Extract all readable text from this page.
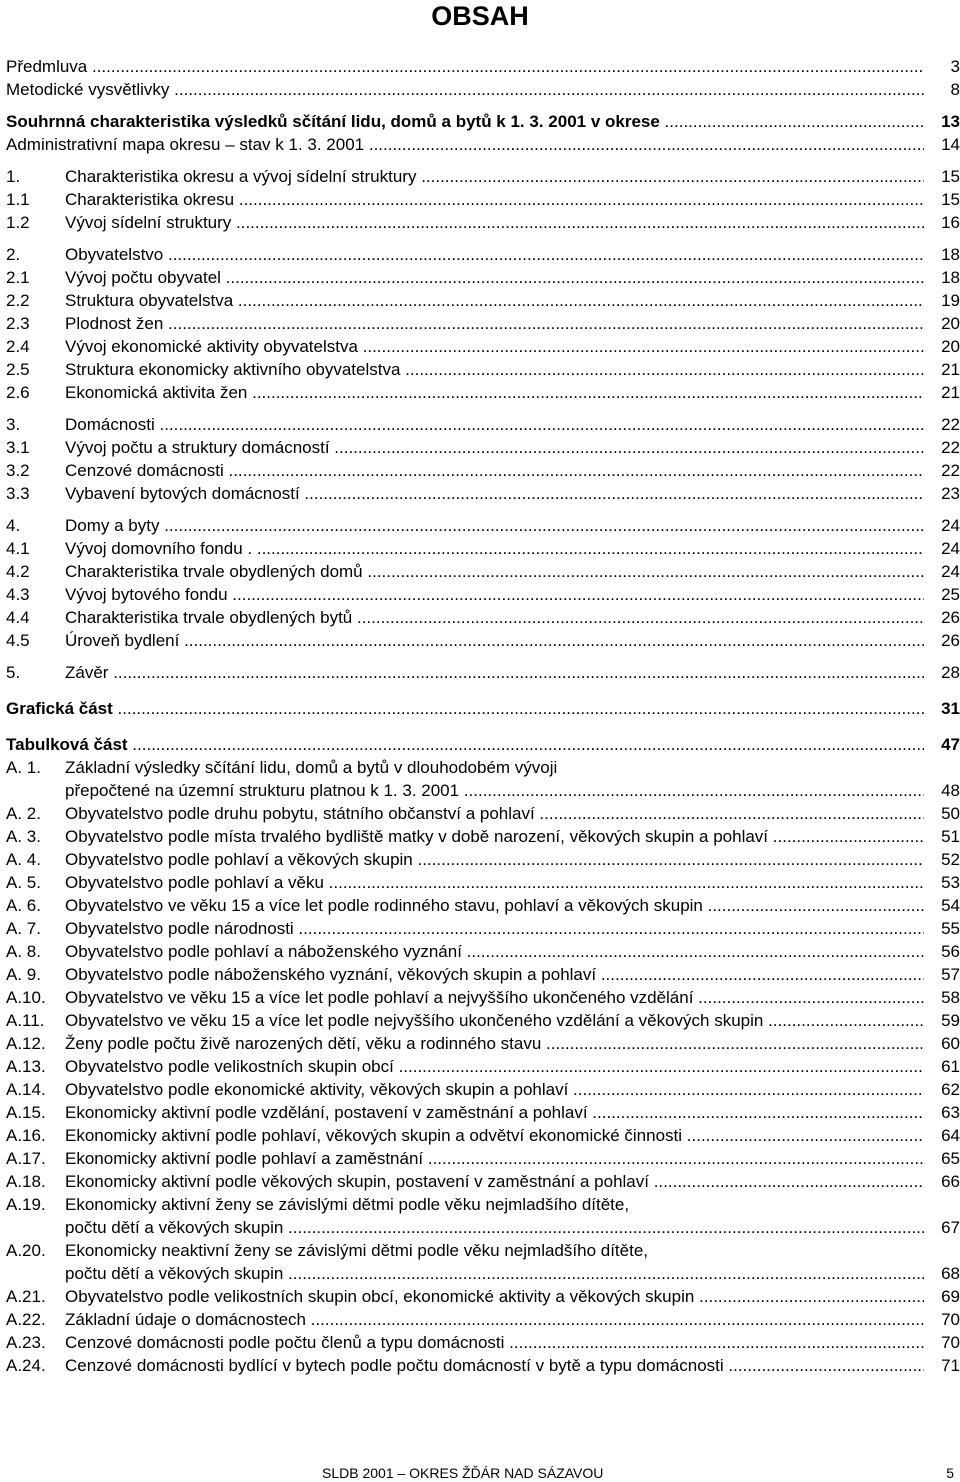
OBSAH
Předmluva .....	3
Metodické vysvětlivky .....	8
Souhrnná charakteristika výsledků sčítání lidu, domů a bytů k 1. 3. 2001 v okrese .....	13
Administrativní mapa okresu – stav k 1. 3. 2001 .....	14
1.	Charakteristika okresu a vývoj sídelní struktury .....	15
1.1 Charakteristika okresu .....	15
1.2 Vývoj sídelní struktury .....	16
2.	Obyvatelstvo .....	18
2.1 Vývoj počtu obyvatel .....	18
2.2 Struktura obyvatelstva .....	19
2.3 Plodnost žen .....	20
2.4 Vývoj ekonomické aktivity obyvatelstva .....	20
2.5 Struktura ekonomicky aktivního obyvatelstva .....	21
2.6 Ekonomická aktivita žen .....	21
3.	Domácnosti .....	22
3.1 Vývoj počtu a struktury domácností .....	22
3.2 Cenzové domácnosti .....	22
3.3 Vybavení bytových domácností .....	23
4.	Domy a byty .....	24
4.1 Vývoj domovního fondu . .....	24
4.2 Charakteristika trvale obydlených domů .....	24
4.3 Vývoj bytového fondu .....	25
4.4 Charakteristika trvale obydlených bytů .....	26
4.5 Úroveň bydlení .....	26
5.	Závěr .....	28
Grafická část .....	31
Tabulková část .....	47
A. 1. Základní výsledky sčítání lidu, domů a bytů v dlouhodobém vývoji
přepočtené na územní strukturu platnou k 1. 3. 2001 .....	48
A. 2. Obyvatelstvo podle druhu pobytu, státního občanství a pohlaví .....	50
A. 3. Obyvatelstvo podle místa trvalého bydliště matky v době narození, věkových skupin a pohlaví .....	51
A. 4. Obyvatelstvo podle pohlaví a věkových skupin .....	52
A. 5. Obyvatelstvo podle pohlaví a věku .....	53
A. 6. Obyvatelstvo ve věku 15 a více let podle rodinného stavu, pohlaví a věkových skupin .....	54
A. 7. Obyvatelstvo podle národnosti .....	55
A. 8. Obyvatelstvo podle pohlaví a náboženského vyznání .....	56
A. 9. Obyvatelstvo podle náboženského vyznání, věkových skupin a pohlaví .....	57
A.10. Obyvatelstvo ve věku 15 a více let podle pohlaví a nejvyššího ukončeného vzdělání .....	58
A.11. Obyvatelstvo ve věku 15 a více let podle nejvyššího ukončeného vzdělání a věkových skupin .....	59
A.12. Ženy podle počtu živě narozených dětí, věku a rodinného stavu .....	60
A.13. Obyvatelstvo podle velikostních skupin obcí .....	61
A.14. Obyvatelstvo podle ekonomické aktivity, věkových skupin a pohlaví .....	62
A.15. Ekonomicky aktivní podle vzdělání, postavení v zaměstnání a pohlaví .....	63
A.16. Ekonomicky aktivní podle pohlaví, věkových skupin a odvětví ekonomické činnosti .....	64
A.17. Ekonomicky aktivní podle pohlaví a zaměstnání .....	65
A.18. Ekonomicky aktivní podle věkových skupin, postavení v zaměstnání a pohlaví .....	66
A.19. Ekonomicky aktivní ženy se závislými dětmi podle věku nejmladšího dítěte,
počtu dětí a věkových skupin .....	67
A.20. Ekonomicky neaktivní ženy se závislými dětmi podle věku nejmladšího dítěte,
počtu dětí a věkových skupin .....	68
A.21. Obyvatelstvo podle velikostních skupin obcí, ekonomické aktivity a věkových skupin .....	69
A.22. Základní údaje o domácnostech .....	70
A.23. Cenzové domácnosti podle počtu členů a typu domácnosti .....	70
A.24. Cenzové domácnosti bydlící v bytech podle počtu domácností v bytě a typu domácnosti .....	71
SLDB 2001 – OKRES ŽĎÁR NAD SÁZAVOU	5
